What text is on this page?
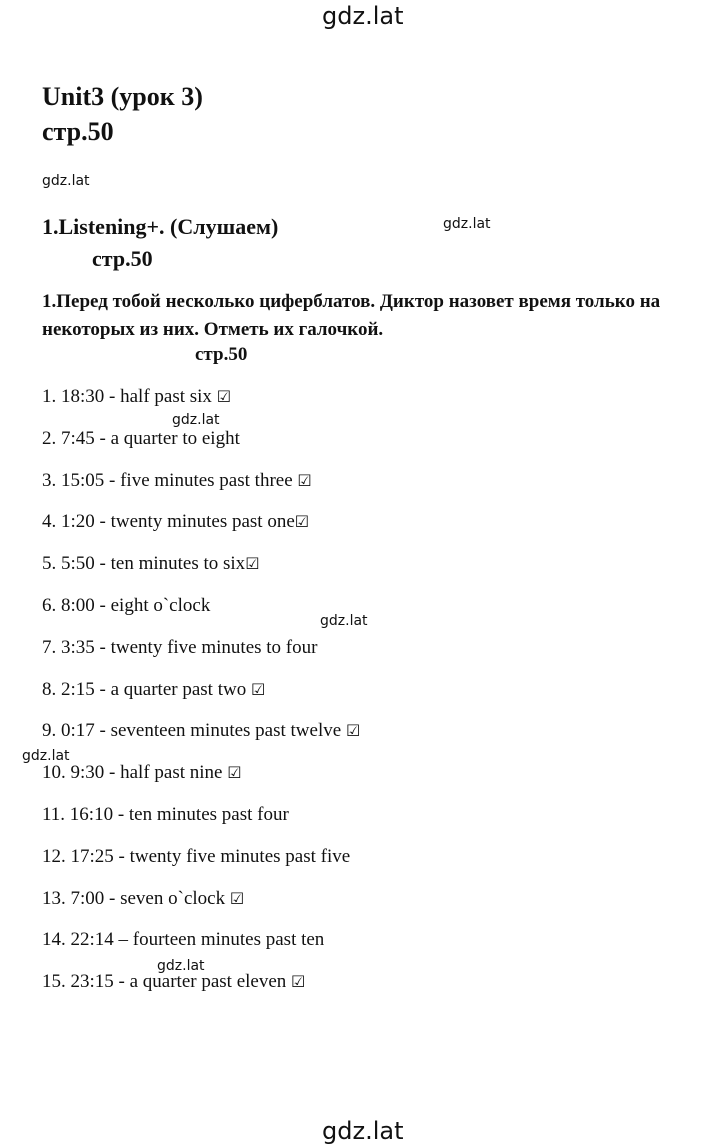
gdz.lat
gdz.lat
gdz.lat
gdz.lat
gdz.lat
gdz.lat
gdz.lat
gdz.lat
Unit3 (урок 3)
стр.50
1.Listening+. (Слушаем)
стр.50
1.Перед тобой несколько циферблатов. Диктор назовет время только на некоторых из них. Отметь их галочкой.
стр.50
1. 18:30 - half past six ☑
2. 7:45 - a quarter to eight
3. 15:05 - five minutes past three ☑
4. 1:20 - twenty minutes past one☑
5. 5:50 - ten minutes to six☑
6. 8:00 - eight o`clock
7. 3:35 - twenty five minutes to four
8. 2:15 - a quarter past two ☑
9. 0:17 - seventeen minutes past twelve ☑
10. 9:30 - half past nine ☑
11. 16:10 - ten minutes past four
12. 17:25 - twenty five minutes past five
13. 7:00 - seven o`clock ☑
14. 22:14 – fourteen minutes past ten
15. 23:15 - a quarter past eleven ☑
